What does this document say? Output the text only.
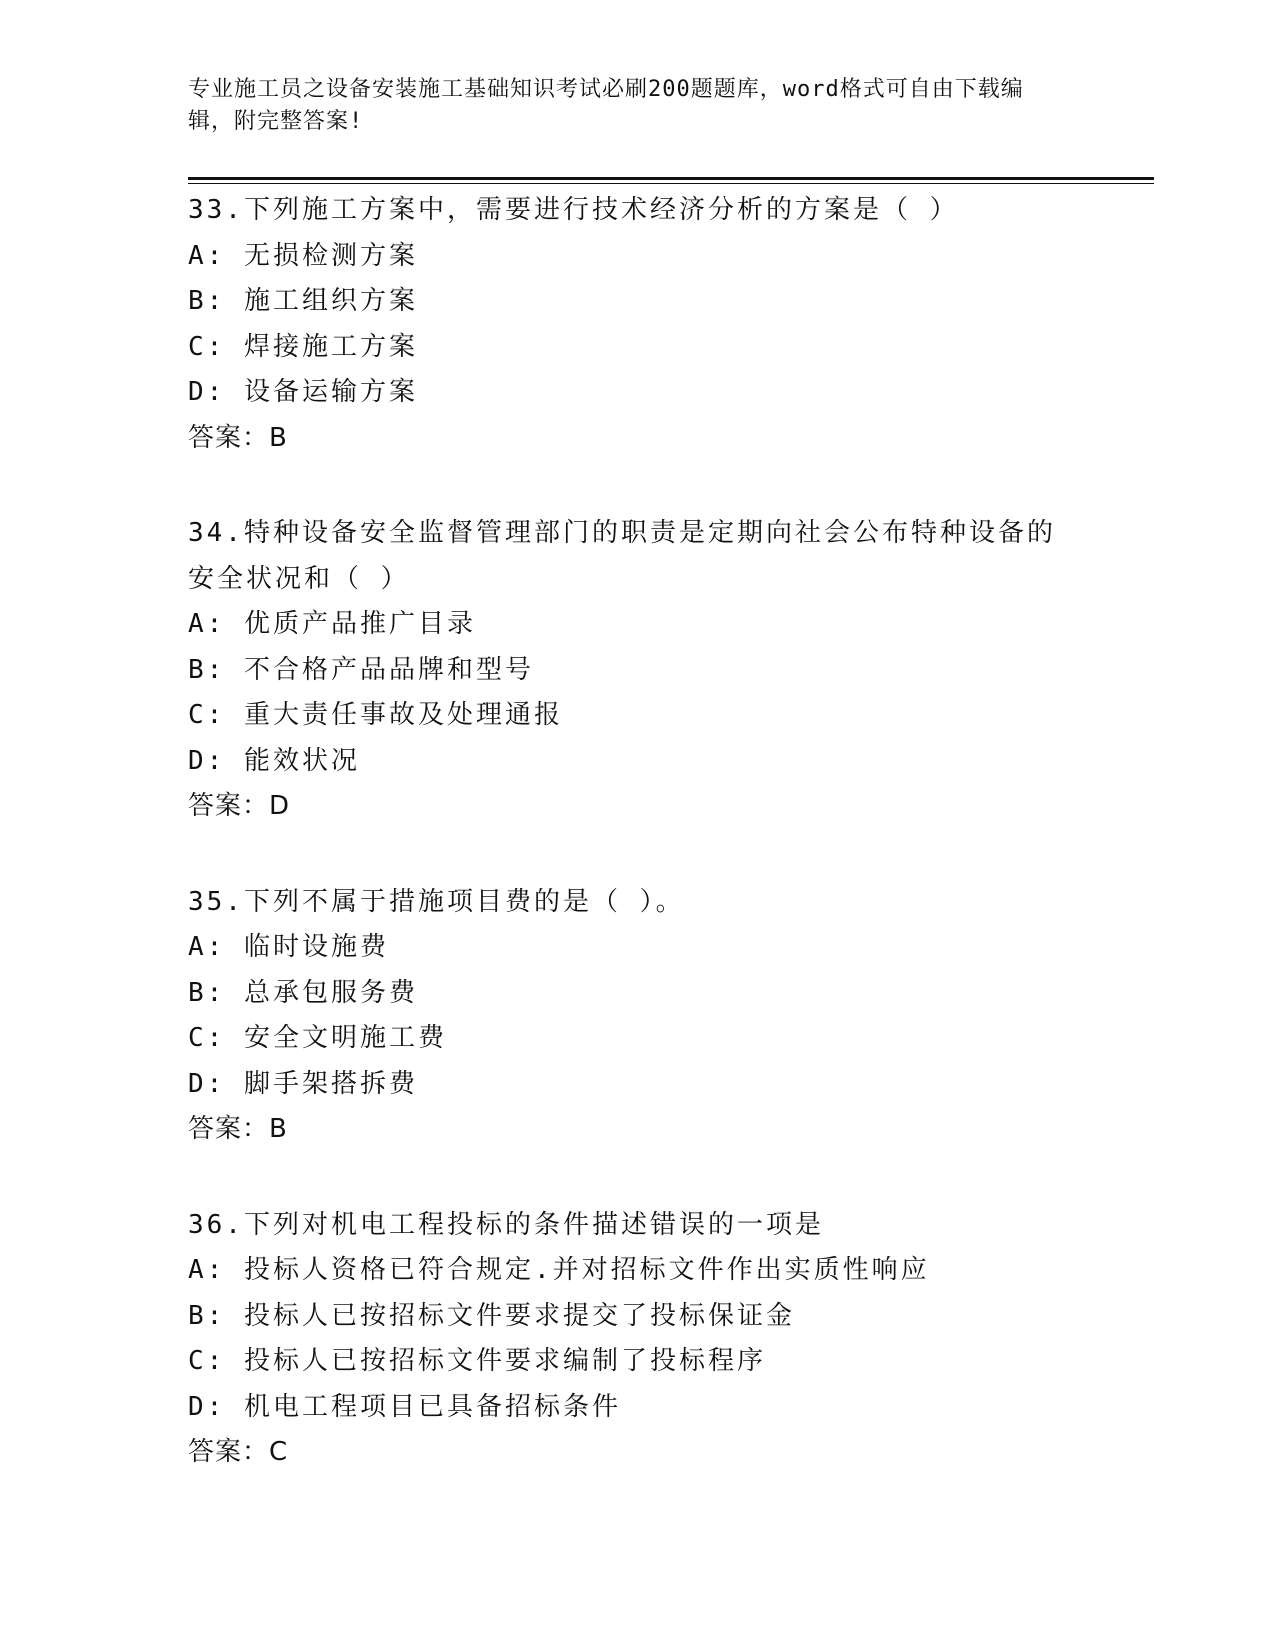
专业施工员之设备安装施工基础知识考试必刷200题题库，word格式可自由下载编辑，附完整答案!

33.下列施工方案中，需要进行技术经济分析的方案是（ ）

A: 无损检测方案

B: 施工组织方案

C: 焊接施工方案

D: 设备运输方案

答案：B

34.特种设备安全监督管理部门的职责是定期向社会公布特种设备的安全状况和（ ）

A: 优质产品推广目录

B: 不合格产品品牌和型号

C: 重大责任事故及处理通报

D: 能效状况

答案：D

35.下列不属于措施项目费的是（ ）。

A: 临时设施费

B: 总承包服务费

C: 安全文明施工费

D: 脚手架搭拆费

答案：B

36.下列对机电工程投标的条件描述错误的一项是

A: 投标人资格已符合规定.并对招标文件作出实质性响应

B: 投标人已按招标文件要求提交了投标保证金

C: 投标人已按招标文件要求编制了投标程序

D: 机电工程项目已具备招标条件

答案：C
